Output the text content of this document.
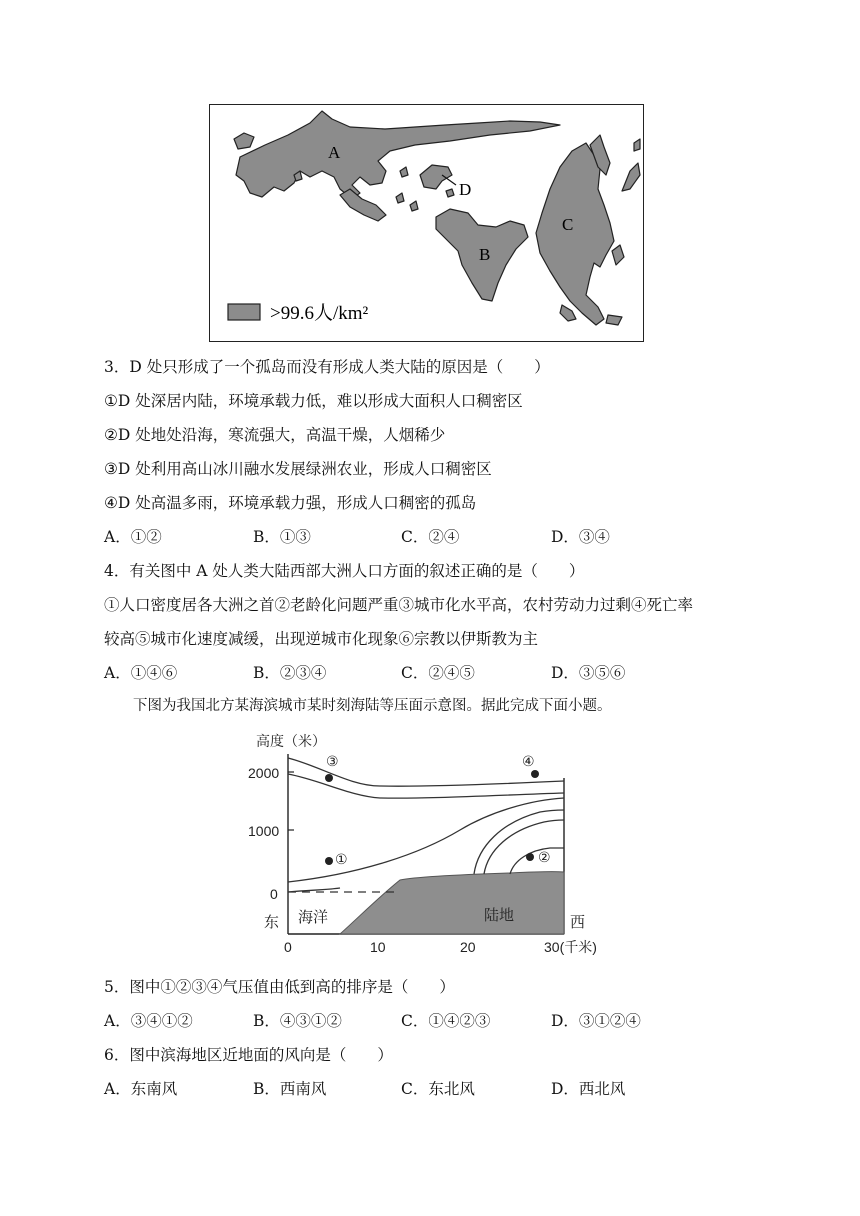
A
D
B
C
>99.6人/km²
3．D 处只形成了一个孤岛而没有形成人类大陆的原因是（　　）
①D 处深居内陆，环境承载力低，难以形成大面积人口稠密区
②D 处地处沿海，寒流强大，高温干燥，人烟稀少
③D 处利用高山冰川融水发展绿洲农业，形成人口稠密区
④D 处高温多雨，环境承载力强，形成人口稠密的孤岛
A．①②	B．①③	C．②④	D．③④
4．有关图中 A 处人类大陆西部大洲人口方面的叙述正确的是（　　）
①人口密度居各大洲之首②老龄化问题严重③城市化水平高，农村劳动力过剩④死亡率
较高⑤城市化速度减缓，出现逆城市化现象⑥宗教以伊斯教为主
A．①④⑥	B．②③④	C．②④⑤	D．③⑤⑥
下图为我国北方某海滨城市某时刻海陆等压面示意图。据此完成下面小题。
高度（米）
2000
1000
0
东	西
0	10	20	30(千米)
③	④
①	②
海洋	陆地
5．图中①②③④气压值由低到高的排序是（　　）
A．③④①②	B．④③①②	C．①④②③	D．③①②④
6．图中滨海地区近地面的风向是（　　）
A．东南风	B．西南风	C．东北风	D．西北风
